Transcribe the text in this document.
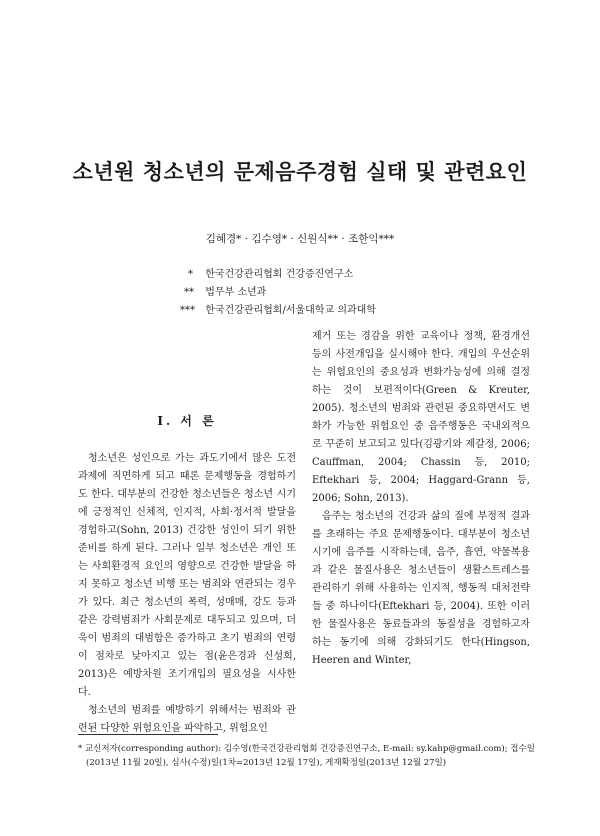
소년원 청소년의 문제음주경험 실태 및 관련요인

김혜경* · 김수영* · 신원식** · 조한익***

* 한국건강관리협회 건강증진연구소
** 법무부 소년과
*** 한국건강관리협회/서울대학교 의과대학
Ⅰ. 서 론

청소년은 성인으로 가는 과도기에서 많은 도전과제에 직면하게 되고 때론 문제행동을 경험하기도 한다. 대부분의 건강한 청소년들은 청소년 시기에 긍정적인 신체적, 인지적, 사회·정서적 발달을 경험하고(Sohn, 2013) 건강한 성인이 되기 위한 준비를 하게 된다. 그러나 일부 청소년은 개인 또는 사회환경적 요인의 영향으로 건강한 발달을 하지 못하고 청소년 비행 또는 범죄와 연관되는 경우가 있다. 최근 청소년의 폭력, 성매매, 강도 등과 같은 강력범죄가 사회문제로 대두되고 있으며, 더욱이 범죄의 대범함은 증가하고 초기 범죄의 연령이 점차로 낮아지고 있는 점(윤은경과 신성희, 2013)은 예방차원 조기개입의 필요성을 시사한다.

청소년의 범죄를 예방하기 위해서는 범죄와 관련된 다양한 위험요인을 파악하고, 위험요인

제거 또는 경감을 위한 교육이나 정책, 환경개선 등의 사전개입을 실시해야 한다. 개입의 우선순위는 위험요인의 중요성과 변화가능성에 의해 결정하는 것이 보편적이다(Green & Kreuter, 2005). 청소년의 범죄와 관련된 중요하면서도 변화가 가능한 위험요인 중 음주행동은 국내외적으로 꾸준히 보고되고 있다(김광기와 제갈정, 2006; Cauffman, 2004; Chassin 등, 2010; Eftekhari 등, 2004; Haggard-Grann 등, 2006; Sohn, 2013).

음주는 청소년의 건강과 삶의 질에 부정적 결과를 초래하는 주요 문제행동이다. 대부분이 청소년 시기에 음주를 시작하는데, 음주, 흡연, 약물복용과 같은 물질사용은 청소년들이 생활스트레스를 관리하기 위해 사용하는 인지적, 행동적 대처전략들 중 하나이다(Eftekhari 등, 2004). 또한 이러한 물질사용은 동료들과의 동질성을 경험하고자 하는 동기에 의해 강화되기도 한다(Hingson, Heeren and Winter,

* 교신저자(corresponding author): 김수영(한국건강관리협회 건강증진연구소, E-mail: sy.kahp@gmail.com); 접수일(2013년 11월 20일), 심사(수정)일(1차=2013년 12월 17일), 게재확정일(2013년 12월 27일)
